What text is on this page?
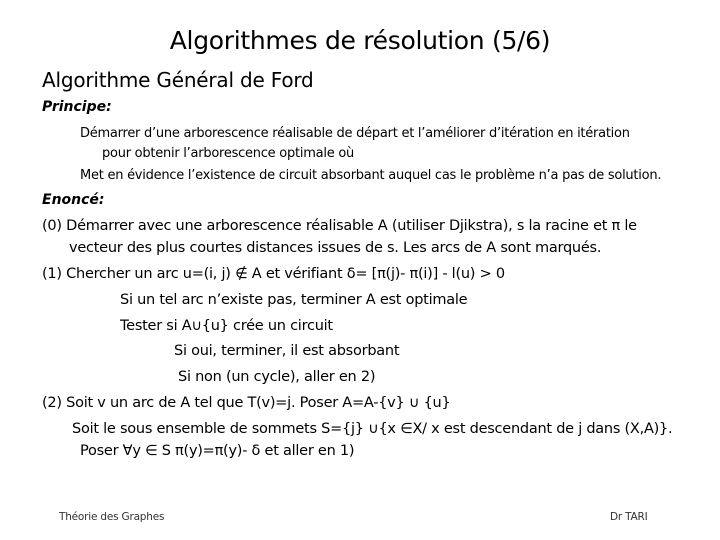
Algorithmes de résolution (5/6)
Algorithme Général de Ford
Principe:
Démarrer d’une arborescence réalisable de départ et l’améliorer d’itération en itération
pour obtenir l’arborescence optimale où
Met en évidence l’existence de circuit absorbant auquel cas le problème n’a pas de solution.
Enoncé:
(0) Démarrer avec une arborescence réalisable A (utiliser Djikstra), s la racine et π le
vecteur des plus courtes distances issues de s. Les arcs de A sont marqués.
(1) Chercher un arc u=(i, j) ∉ A et vérifiant δ= [π(j)- π(i)] - l(u) > 0
Si un tel arc n’existe pas, terminer A est optimale
Tester si A∪{u} crée un circuit
Si oui, terminer, il est absorbant
Si non (un cycle), aller en 2)
(2) Soit v un arc de A tel que T(v)=j. Poser A=A-{v} ∪ {u}
Soit le sous ensemble de sommets S={j} ∪{x ∈X/ x est descendant de j dans (X,A)}.
Poser ∀y ∈ S π(y)=π(y)- δ et aller en 1)
Théorie des Graphes	Dr TARI
